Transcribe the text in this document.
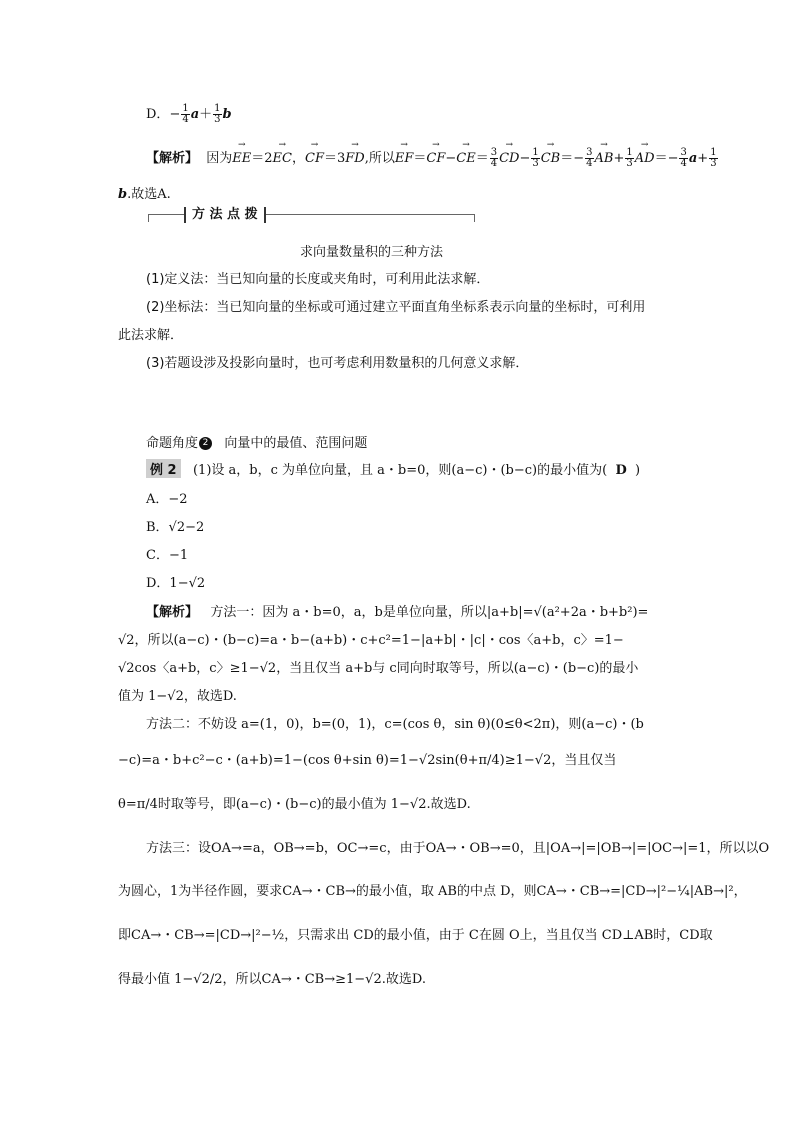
D．− $\frac{1}{4} a+ \frac{1}{3}$ b
【解析】  因为→ EE＝2→ EC，→ CF＝3→ FD,所以→ $EF=\to CF-\to CE= \frac{3}{4}$
→ $CD- \frac{1}{3}$
→ $CB=- \frac{3}{4}$
→ $AB+ \frac{1}{3}$
→ $AD=- \frac{3}{4} a+ \frac{1}{3}$
b.故选A.
方 法 点 拨
求向量数量积的三种方法
(1)定义法：当已知向量的长度或夹角时，可利用此法求解．
(2)坐标法：当已知向量的坐标或可通过建立平面直角坐标系表示向量的坐标时，可利用
此法求解．
(3)若题设涉及投影向量时，也可考虑利用数量积的几何意义求解．
命题角度 2 向量中的最值、范围问题
例 2 (1)设 a，b，c 为单位向量，且 a・b=0，则(a−c)・(b−c)的最小值为( D )
A．−2
B．√2−2
C．−1
D．1−√2
【解析】 方法一：因为 a・b=0，a，b是单位向量，所以|a+b|=√(a²+2a・b+b²)=
√2，所以(a−c)・(b−c)=a・b−(a+b)・c+c²=1−|a+b|・|c|・cos〈a+b，c〉=1−
√2cos〈a+b，c〉≥1−√2，当且仅当 a+b与 c同向时取等号，所以(a−c)・(b−c)的最小
值为 1−√2，故选D.
方法二：不妨设 a=(1，0)，b=(0，1)，c=(cos θ，sin θ)(0≤θ<2π)，则(a−c)・(b
−c)=a・b+c²−c・(a+b)=1−(cos θ+sin θ)=1−√2sin(θ+π/4)≥1−√2，当且仅当
θ=π/4时取等号，即(a−c)・(b−c)的最小值为 1−√2.故选D.
方法三：设OA→=a，OB→=b，OC→=c，由于OA→・OB→=0，且|OA→|=|OB→|=|OC→|=1，所以以O
为圆心，1为半径作圆，要求CA→・CB→的最小值，取 AB的中点 D，则CA→・CB→=|CD→|²−¼|AB→|²，
即CA→・CB→=|CD→|²−½，只需求出 CD的最小值，由于 C在圆 O上，当且仅当 CD⊥AB时，CD取
得最小值 1−√2/2，所以CA→・CB→≥1−√2.故选D.
